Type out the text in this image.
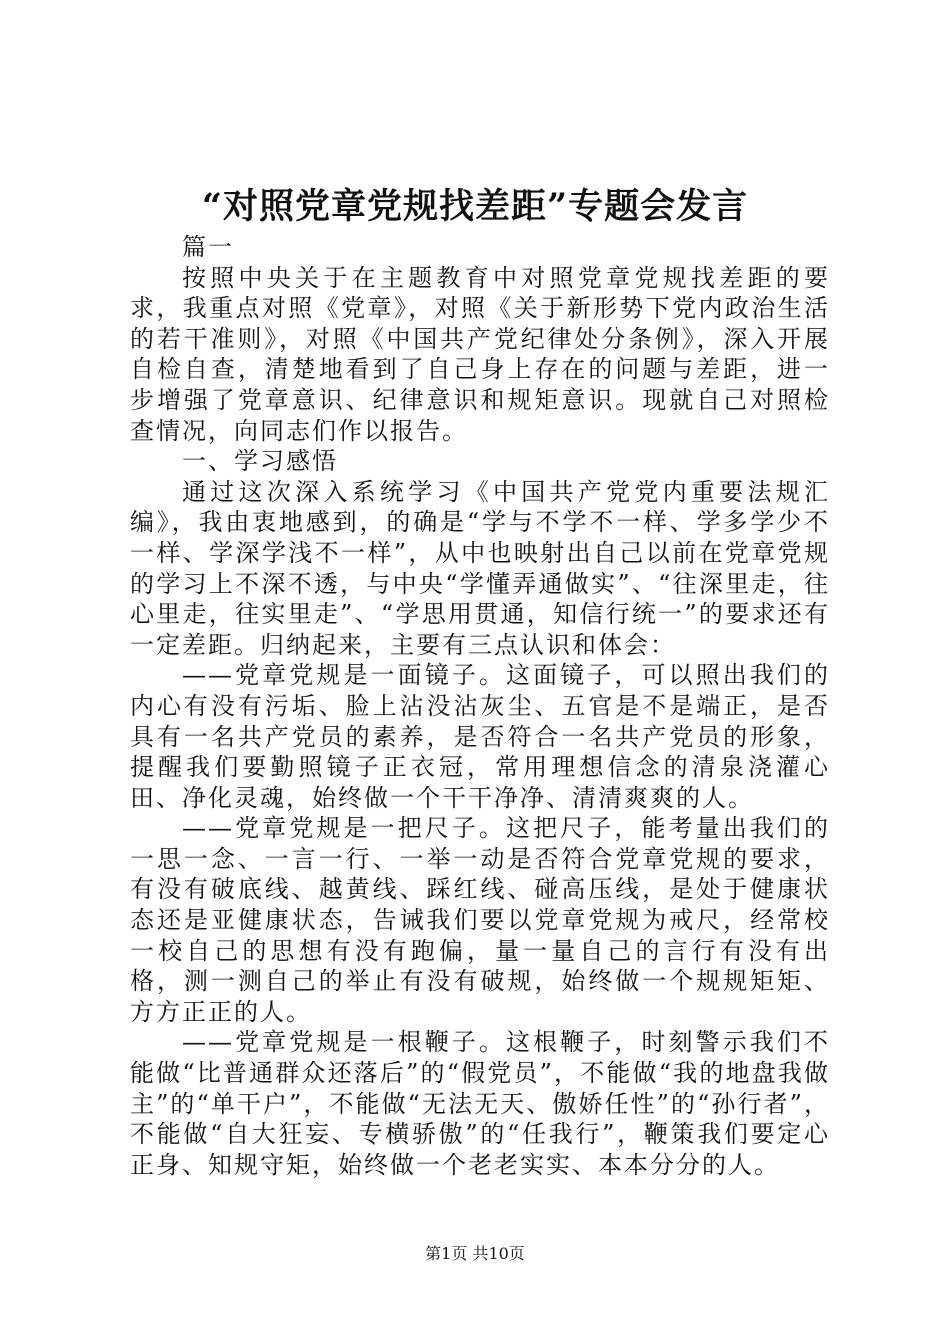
“对照党章党规找差距”专题会发言

篇一

按照中央关于在主题教育中对照党章党规找差距的要求，我重点对照《党章》，对照《关于新形势下党内政治生活的若干准则》，对照《中国共产党纪律处分条例》，深入开展自检自查，清楚地看到了自己身上存在的问题与差距，进一步增强了党章意识、纪律意识和规矩意识。现就自己对照检查情况，向同志们作以报告。

一、学习感悟

通过这次深入系统学习《中国共产党党内重要法规汇编》，我由衷地感到，的确是“学与不学不一样、学多学少不一样、学深学浅不一样”，从中也映射出自己以前在党章党规的学习上不深不透，与中央“学懂弄通做实”、“往深里走，往心里走，往实里走”、“学思用贯通，知信行统一”的要求还有一定差距。归纳起来，主要有三点认识和体会：

——党章党规是一面镜子。这面镜子，可以照出我们的内心有没有污垢、脸上沾没沾灰尘、五官是不是端正，是否具有一名共产党员的素养，是否符合一名共产党员的形象，提醒我们要勤照镜子正衣冠，常用理想信念的清泉浇灌心田、净化灵魂，始终做一个干干净净、清清爽爽的人。

——党章党规是一把尺子。这把尺子，能考量出我们的一思一念、一言一行、一举一动是否符合党章党规的要求，有没有破底线、越黄线、踩红线、碰高压线，是处于健康状态还是亚健康状态，告诫我们要以党章党规为戒尺，经常校一校自己的思想有没有跑偏，量一量自己的言行有没有出格，测一测自己的举止有没有破规，始终做一个规规矩矩、方方正正的人。

——党章党规是一根鞭子。这根鞭子，时刻警示我们不能做“比普通群众还落后”的“假党员”，不能做“我的地盘我做主”的“单干户”，不能做“无法无天、傲娇任性”的“孙行者”，不能做“自大狂妄、专横骄傲”的“任我行”，鞭策我们要定心正身、知规守矩，始终做一个老老实实、本本分分的人。

第1页 共10页
